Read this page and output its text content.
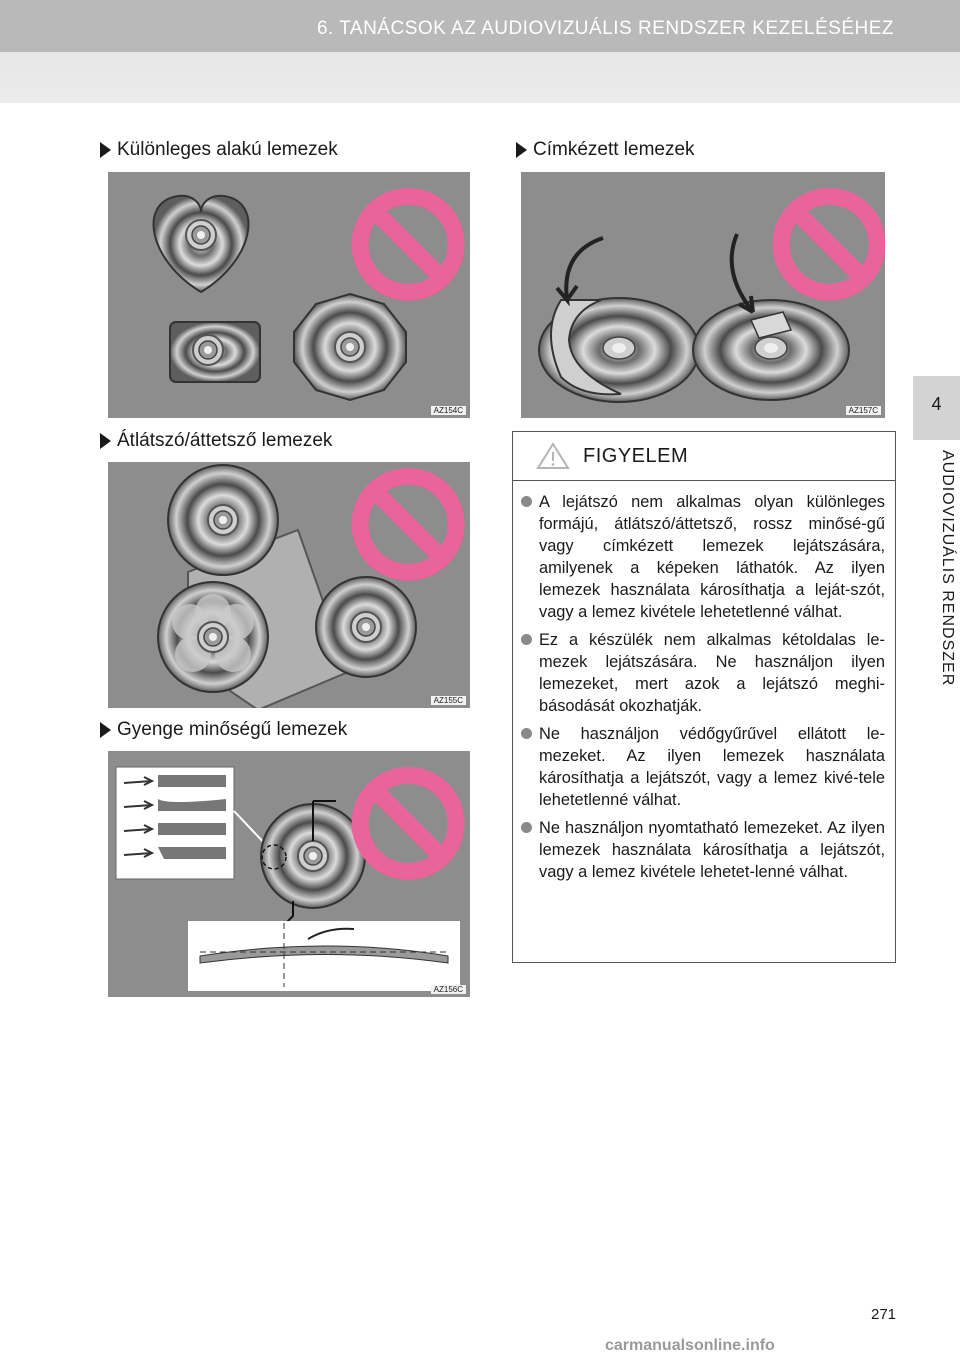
6. TANÁCSOK AZ AUDIOVIZUÁLIS RENDSZER KEZELÉSÉHEZ
4
AUDIOVIZUÁLIS RENDSZER
Különleges alakú lemezek
AZ154C
Átlátszó/áttetsző lemezek
AZ155C
Gyenge minőségű lemezek
AZ156C
Címkézett lemezek
AZ157C
FIGYELEM
A lejátszó nem alkalmas olyan különleges formájú, átlátszó/áttetsző, rossz minősé-gű vagy címkézett lemezek lejátszására, amilyenek a képeken láthatók. Az ilyen lemezek használata károsíthatja a leját-szót, vagy a lemez kivétele lehetetlenné válhat.
Ez a készülék nem alkalmas kétoldalas le-mezek lejátszására. Ne használjon ilyen lemezeket, mert azok a lejátszó meghi-básodását okozhatják.
Ne használjon védőgyűrűvel ellátott le-mezeket. Az ilyen lemezek használata károsíthatja a lejátszót, vagy a lemez kivé-tele lehetetlenné válhat.
Ne használjon nyomtatható lemezeket. Az ilyen lemezek használata károsíthatja a lejátszót, vagy a lemez kivétele lehetet-lenné válhat.
271
carmanualsonline.info
